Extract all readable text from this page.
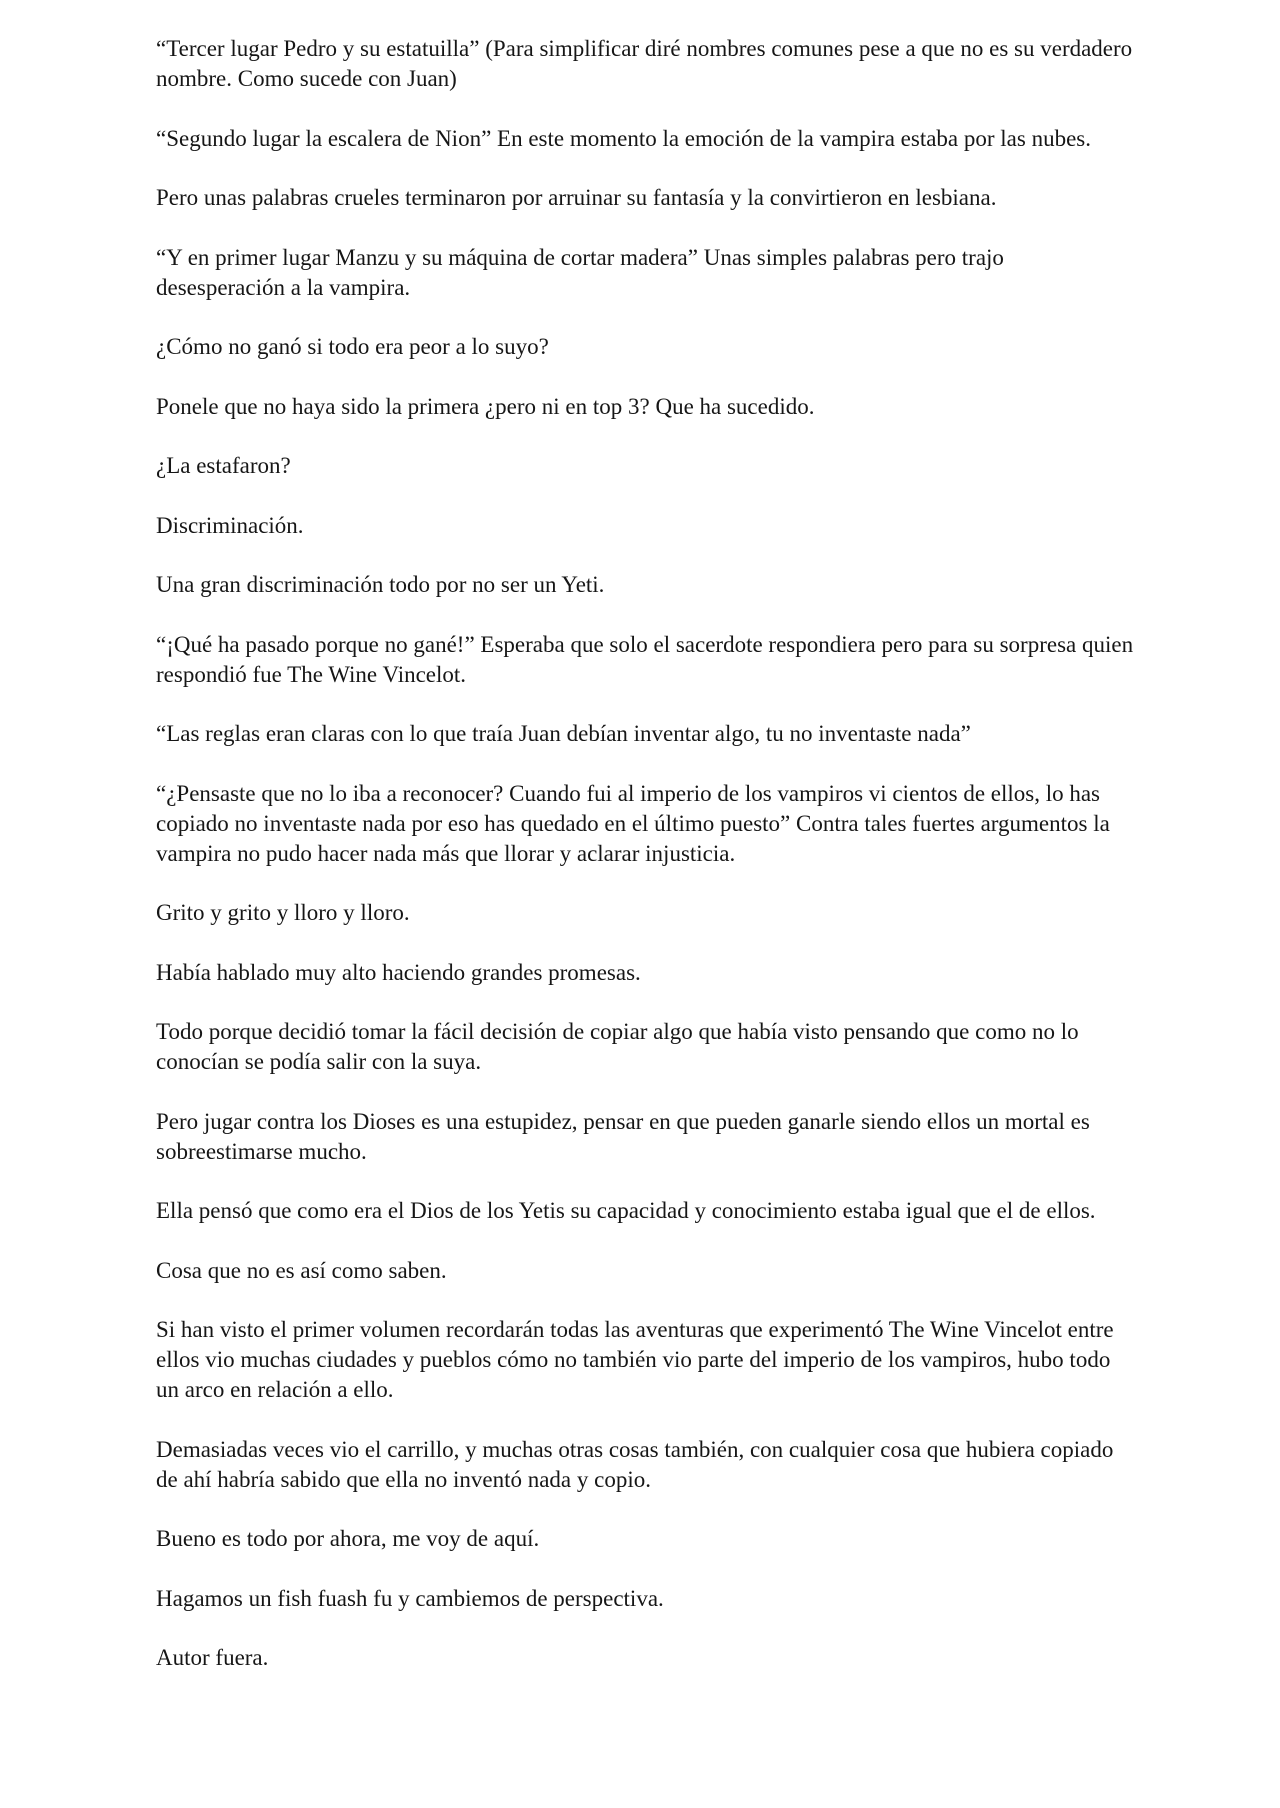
“Tercer lugar Pedro y su estatuilla” (Para simplificar diré nombres comunes pese a que no es su verdadero nombre. Como sucede con Juan)

“Segundo lugar la escalera de Nion” En este momento la emoción de la vampira estaba por las nubes.

Pero unas palabras crueles terminaron por arruinar su fantasía y la convirtieron en lesbiana.

“Y en primer lugar Manzu y su máquina de cortar madera” Unas simples palabras pero trajo desesperación a la vampira.

¿Cómo no ganó si todo era peor a lo suyo?

Ponele que no haya sido la primera ¿pero ni en top 3? Que ha sucedido.

¿La estafaron?

Discriminación.

Una gran discriminación todo por no ser un Yeti.

“¡Qué ha pasado porque no gané!” Esperaba que solo el sacerdote respondiera pero para su sorpresa quien respondió fue The Wine Vincelot.

“Las reglas eran claras con lo que traía Juan debían inventar algo, tu no inventaste nada”

“¿Pensaste que no lo iba a reconocer? Cuando fui al imperio de los vampiros vi cientos de ellos, lo has copiado no inventaste nada por eso has quedado en el último puesto” Contra tales fuertes argumentos la vampira no pudo hacer nada más que llorar y aclarar injusticia.

Grito y grito y lloro y lloro.

Había hablado muy alto haciendo grandes promesas.

Todo porque decidió tomar la fácil decisión de copiar algo que había visto pensando que como no lo conocían se podía salir con la suya.

Pero jugar contra los Dioses es una estupidez, pensar en que pueden ganarle siendo ellos un mortal es sobreestimarse mucho.

Ella pensó que como era el Dios de los Yetis su capacidad y conocimiento estaba igual que el de ellos.

Cosa que no es así como saben.

Si han visto el primer volumen recordarán todas las aventuras que experimentó The Wine Vincelot entre ellos vio muchas ciudades y pueblos cómo no también vio parte del imperio de los vampiros, hubo todo un arco en relación a ello.

Demasiadas veces vio el carrillo, y muchas otras cosas también, con cualquier cosa que hubiera copiado de ahí habría sabido que ella no inventó nada y copio.

Bueno es todo por ahora, me voy de aquí.

Hagamos un fish fuash fu y cambiemos de perspectiva.

Autor fuera.
